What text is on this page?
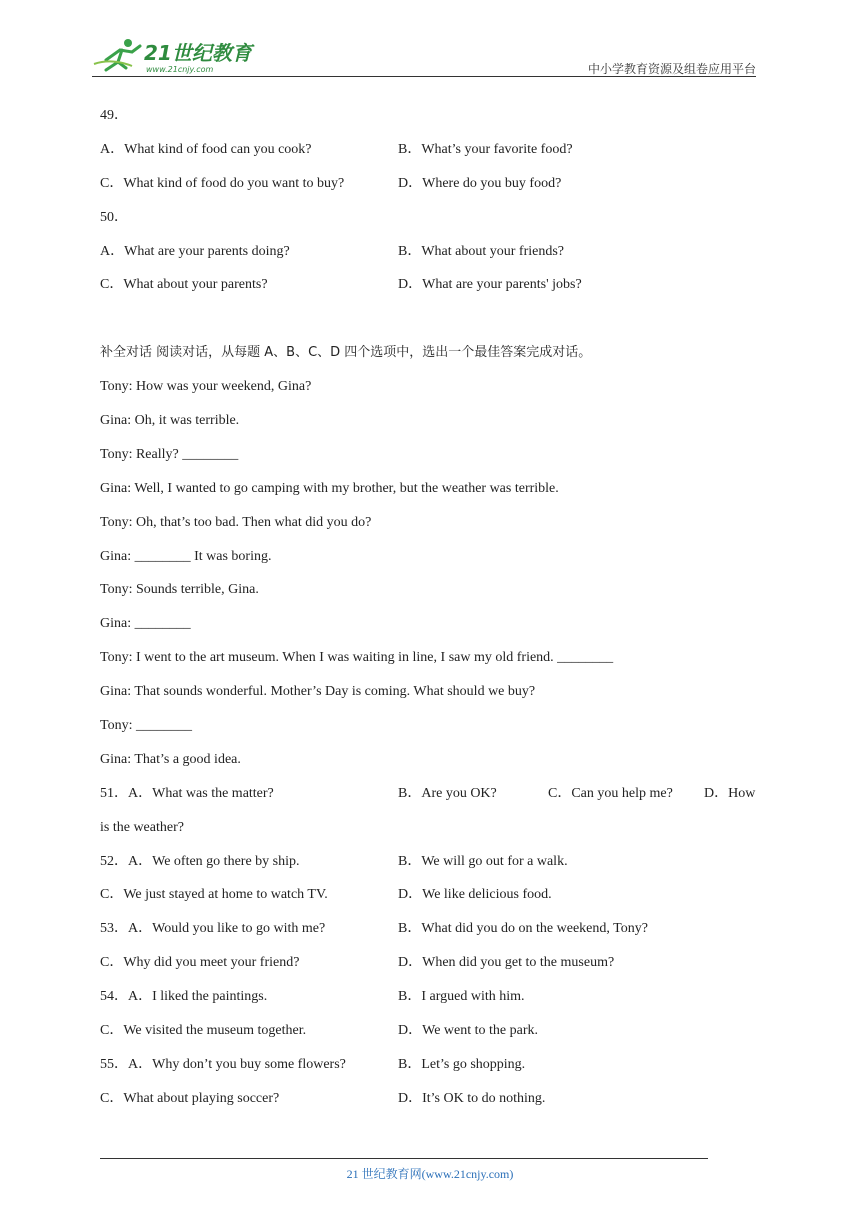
21世纪教育
www.21cnjy.com	中小学教育资源及组卷应用平台
49．
A．What kind of food can you cook?	B．What’s your favorite food?
C．What kind of food do you want to buy?	D．Where do you buy food?
50．
A．What are your parents doing?	B．What about your friends?
C．What about your parents?	D．What are your parents' jobs?
补全对话 阅读对话，从每题 A、B、C、D 四个选项中，选出一个最佳答案完成对话。
Tony: How was your weekend, Gina?
Gina: Oh, it was terrible.
Tony: Really? ________
Gina: Well, I wanted to go camping with my brother, but the weather was terrible.
Tony: Oh, that’s too bad. Then what did you do?
Gina: ________ It was boring.
Tony: Sounds terrible, Gina.
Gina: ________
Tony: I went to the art museum. When I was waiting in line, I saw my old friend. ________
Gina: That sounds wonderful. Mother’s Day is coming. What should we buy?
Tony: ________
Gina: That’s a good idea.
51．A．What was the matter?	B．Are you OK?	C．Can you help me? D．How
is the weather?
52．A．We often go there by ship.	B．We will go out for a walk.
C．We just stayed at home to watch TV.	D．We like delicious food.
53．A．Would you like to go with me?	B．What did you do on the weekend, Tony?
C．Why did you meet your friend?	D．When did you get to the museum?
54．A．I liked the paintings.	B．I argued with him.
C．We visited the museum together.	D．We went to the park.
55．A．Why don’t you buy some flowers?	B．Let’s go shopping.
C．What about playing soccer?	D．It’s OK to do nothing.
21 世纪教育网(www.21cnjy.com)
